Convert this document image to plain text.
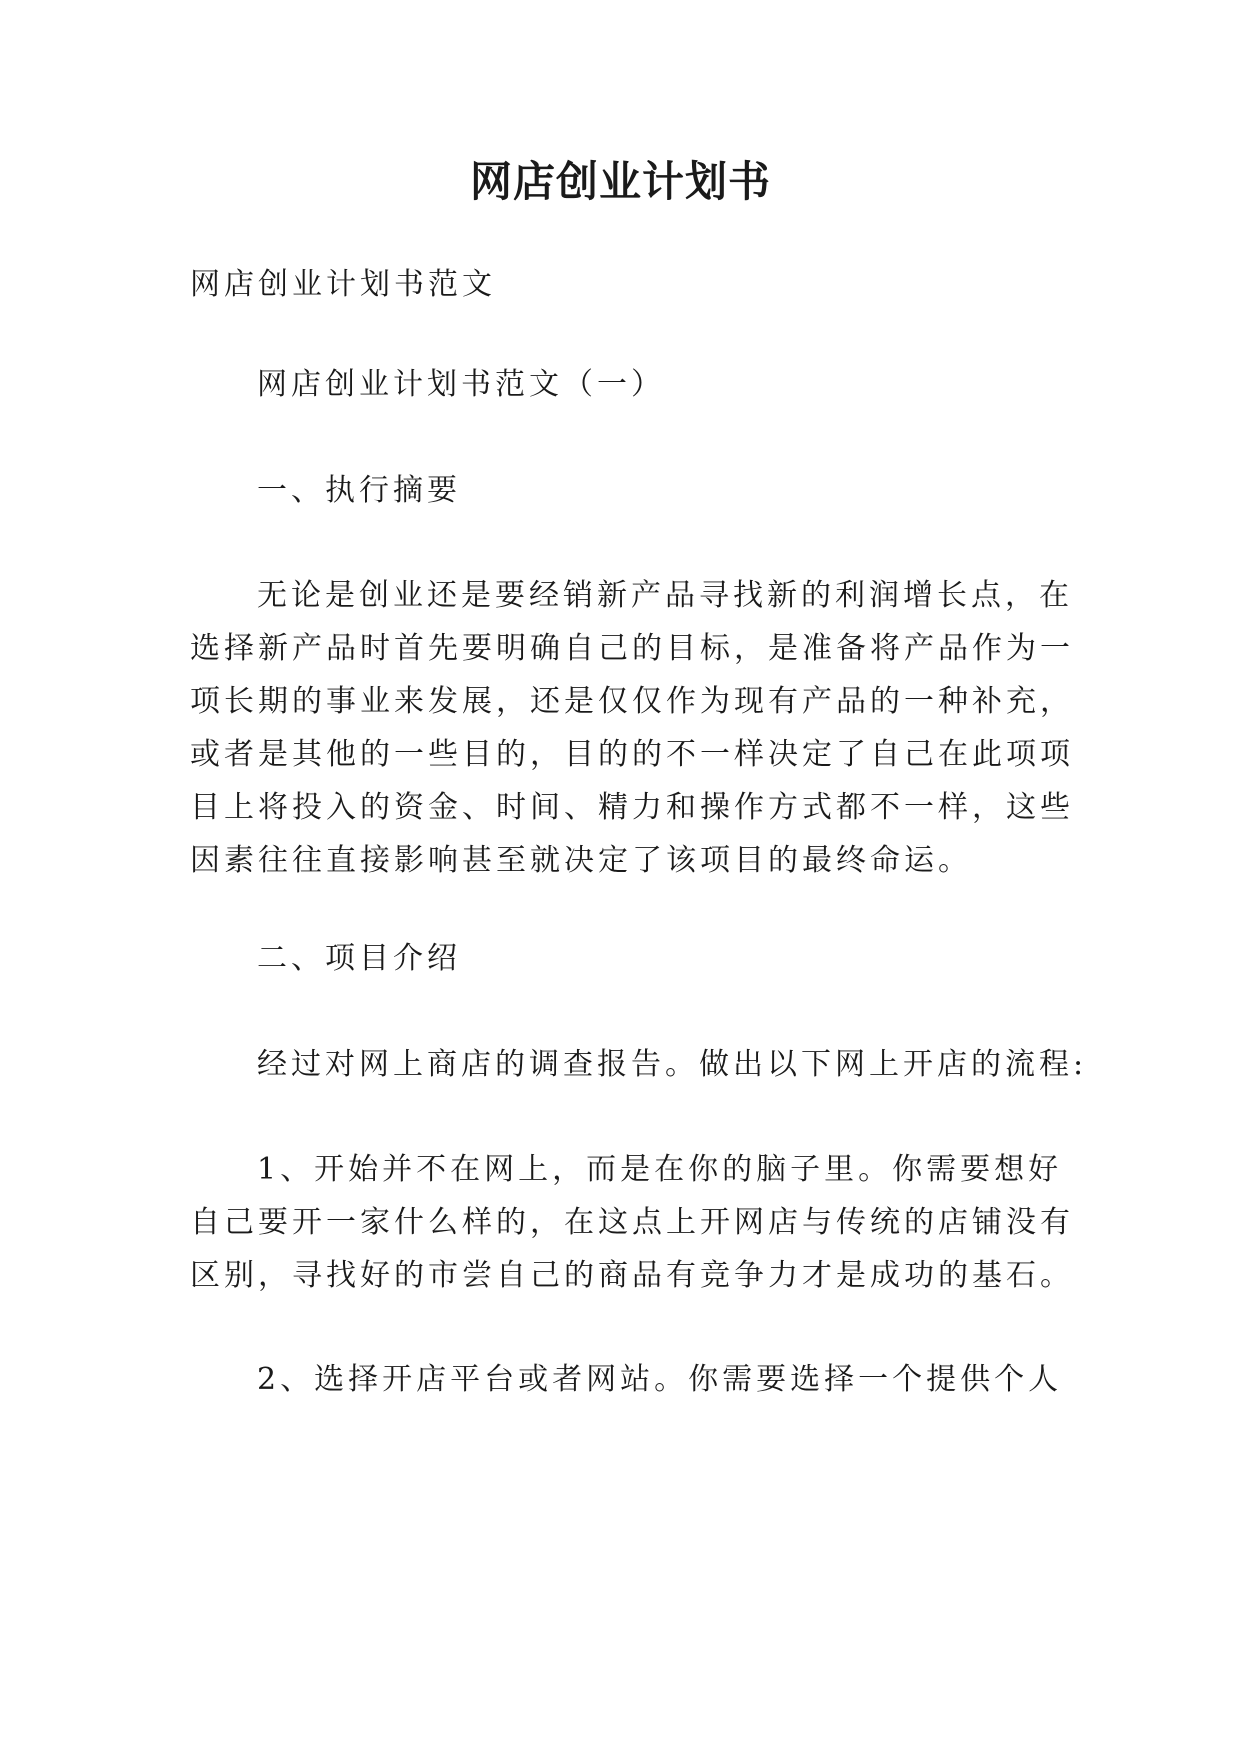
网店创业计划书
网店创业计划书范文
网店创业计划书范文（一）
一、执行摘要
无论是创业还是要经销新产品寻找新的利润增长点，在
选择新产品时首先要明确自己的目标，是准备将产品作为一
项长期的事业来发展，还是仅仅作为现有产品的一种补充，
或者是其他的一些目的，目的的不一样决定了自己在此项项
目上将投入的资金、时间、精力和操作方式都不一样，这些
因素往往直接影响甚至就决定了该项目的最终命运。
二、项目介绍
经过对网上商店的调查报告。做出以下网上开店的流程:
1、开始并不在网上，而是在你的脑子里。你需要想好
自己要开一家什么样的，在这点上开网店与传统的店铺没有
区别，寻找好的市尝自己的商品有竞争力才是成功的基石。
2、选择开店平台或者网站。你需要选择一个提供个人
